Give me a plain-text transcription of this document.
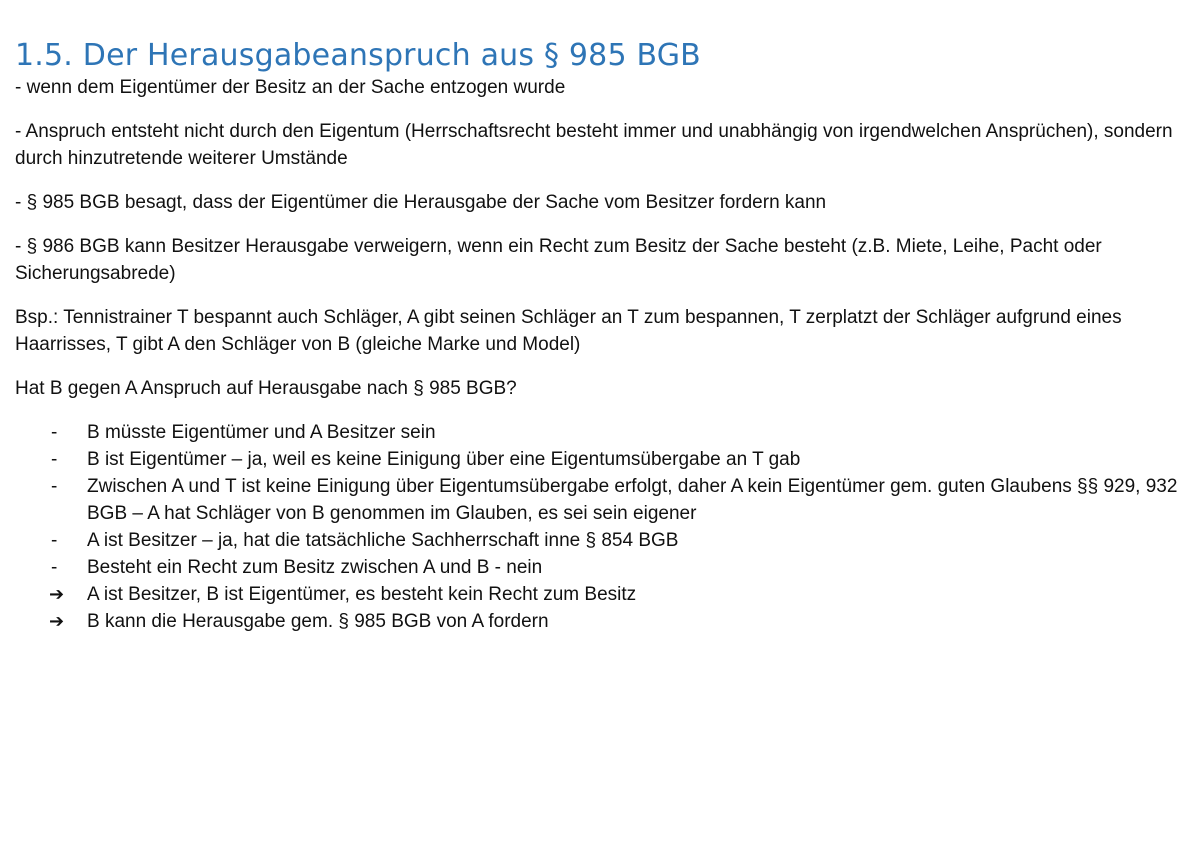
1.5. Der Herausgabeanspruch aus § 985 BGB

- wenn dem Eigentümer der Besitz an der Sache entzogen wurde

- Anspruch entsteht nicht durch den Eigentum (Herrschaftsrecht besteht immer und unabhängig von irgendwelchen Ansprüchen), sondern durch hinzutretende weiterer Umstände

- § 985 BGB besagt, dass der Eigentümer die Herausgabe der Sache vom Besitzer fordern kann

- § 986 BGB kann Besitzer Herausgabe verweigern, wenn ein Recht zum Besitz der Sache besteht (z.B. Miete, Leihe, Pacht oder Sicherungsabrede)

Bsp.: Tennistrainer T bespannt auch Schläger, A gibt seinen Schläger an T zum bespannen, T zerplatzt der Schläger aufgrund eines Haarrisses, T gibt A den Schläger von B (gleiche Marke und Model)

Hat B gegen A Anspruch auf Herausgabe nach § 985 BGB?

-	B müsste Eigentümer und A Besitzer sein
-	B ist Eigentümer – ja, weil es keine Einigung über eine Eigentumsübergabe an T gab
-	Zwischen A und T ist keine Einigung über Eigentumsübergabe erfolgt, daher A kein Eigentümer gem. guten Glaubens §§ 929, 932 BGB – A hat Schläger von B genommen im Glauben, es sei sein eigener
-	A ist Besitzer – ja, hat die tatsächliche Sachherrschaft inne § 854 BGB
-	Besteht ein Recht zum Besitz zwischen A und B - nein
➔	A ist Besitzer, B ist Eigentümer, es besteht kein Recht zum Besitz
➔	B kann die Herausgabe gem. § 985 BGB von A fordern
